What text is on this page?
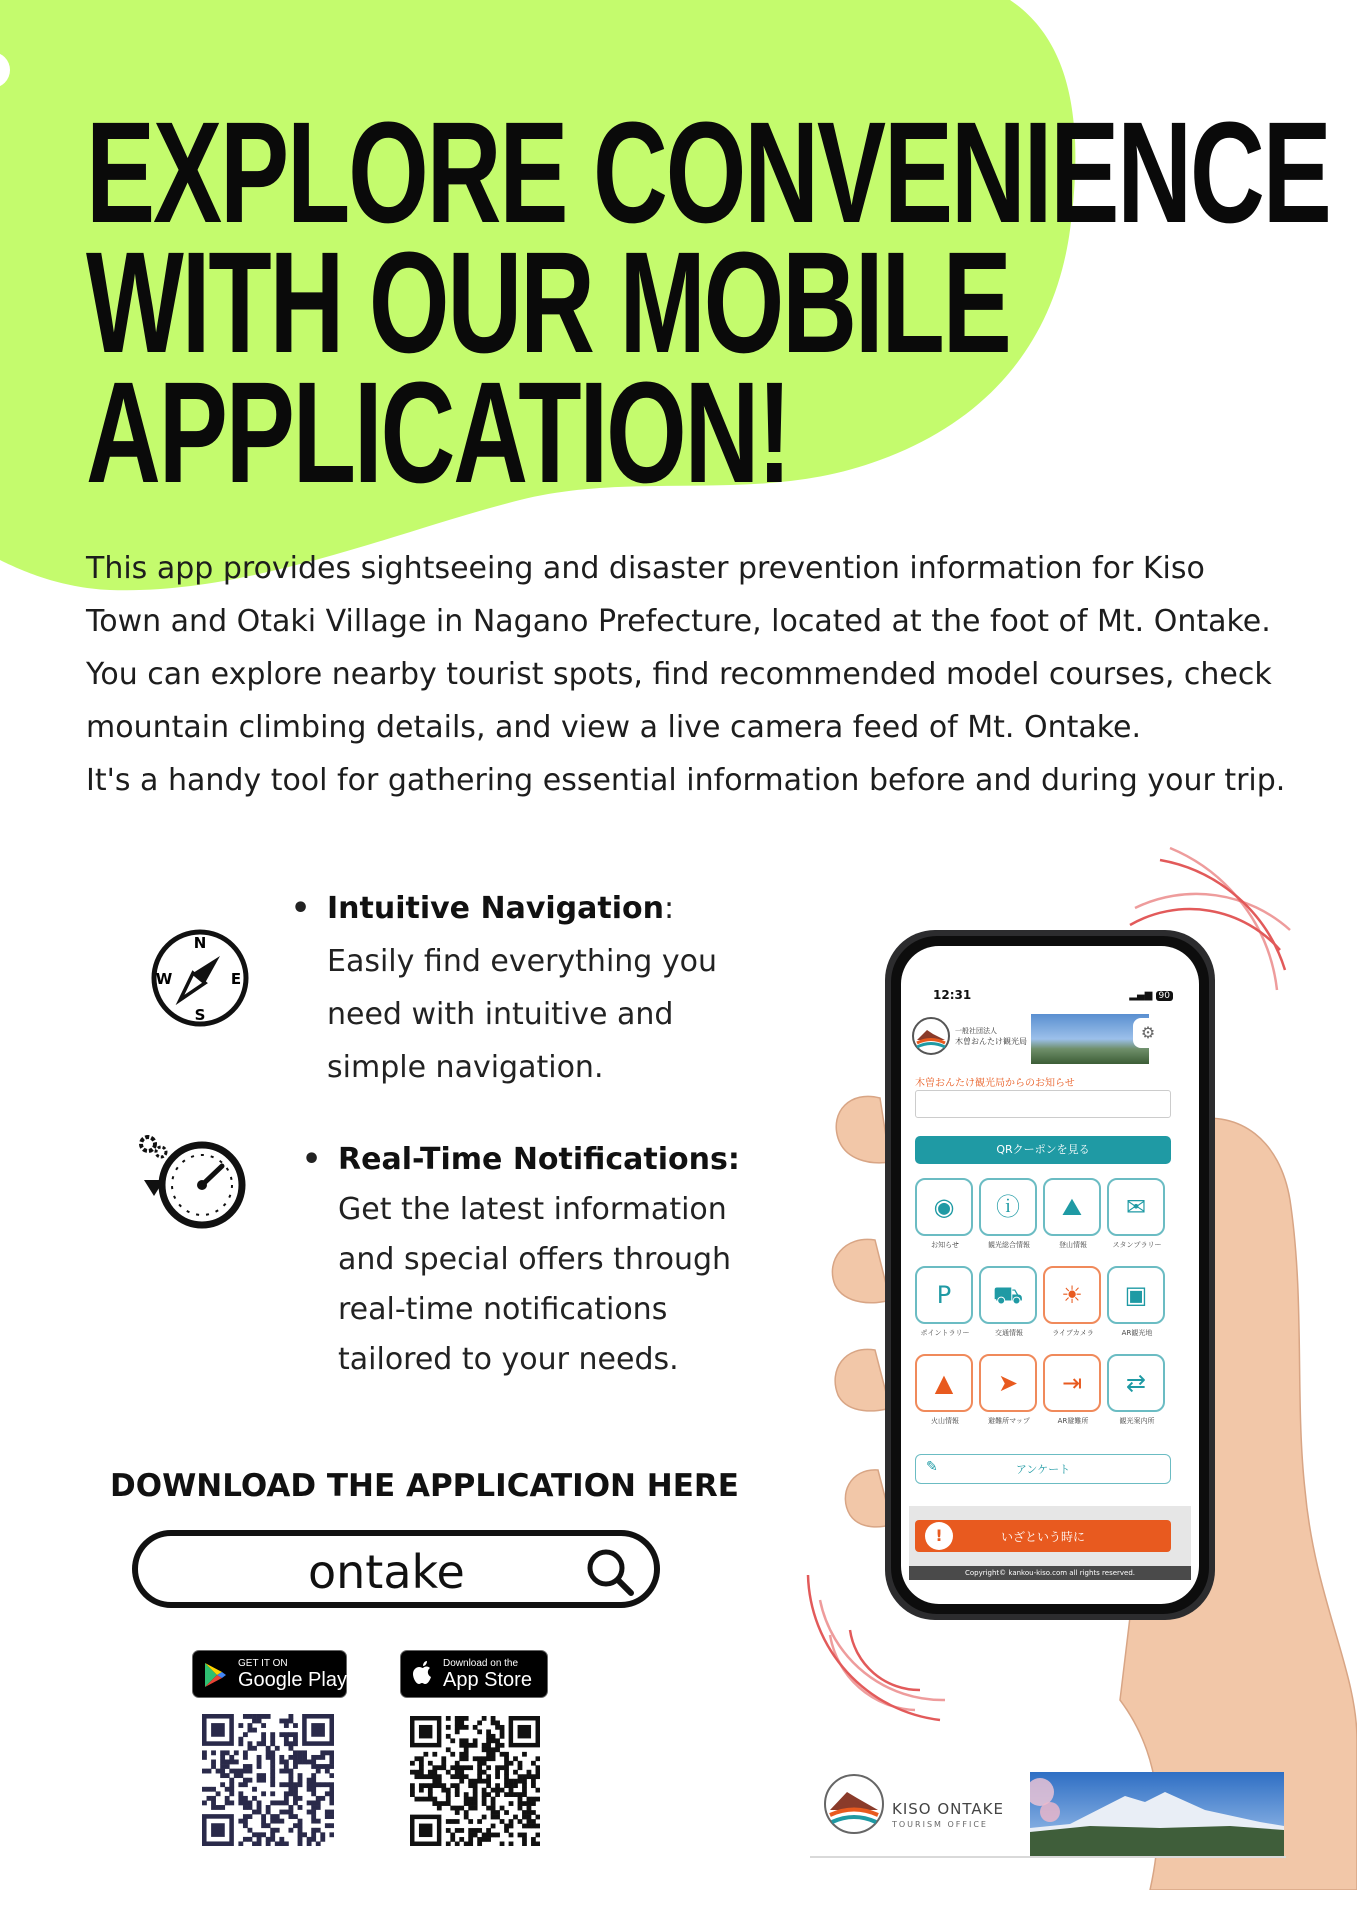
EXPLORE CONVENIENCE
WITH OUR MOBILE
APPLICATION!

This app provides sightseeing and disaster prevention information for Kiso

Town and Otaki Village in Nagano Prefecture, located at the foot of Mt. Ontake.

You can explore nearby tourist spots, find recommended model courses, check

mountain climbing details, and view a live camera feed of Mt. Ontake.

It's a handy tool for gathering essential information before and during your trip.

N
S
E
W
• Intuitive Navigation:
Easily find everything you
need with intuitive and
simple navigation.
• Real-Time Notifications:
Get the latest information
and special offers through
real-time notifications
tailored to your needs.
DOWNLOAD THE APPLICATION HERE
ontake
GET IT ON
Google Play
Download on the
App Store
12:31	▂▄▆ 90
一般社団法人
木曽おんたけ観光局	⚙
木曽おんたけ観光局からのお知らせ
QRクーポンを見る
◉
お知らせ
ⓘ
観光総合情報
⛰
登山情報
✉
スタンプラリー
P
ポイントラリー
⛟
交通情報
☀
ライブカメラ
▣
AR観光地
▲
火山情報
➤
避難所マップ
⇥
AR避難所
⇄
観光案内所
✎	アンケート
!	いざという時に
Copyright© kankou-kiso.com all rights reserved.
KISO ONTAKE
TOURISM OFFICE
